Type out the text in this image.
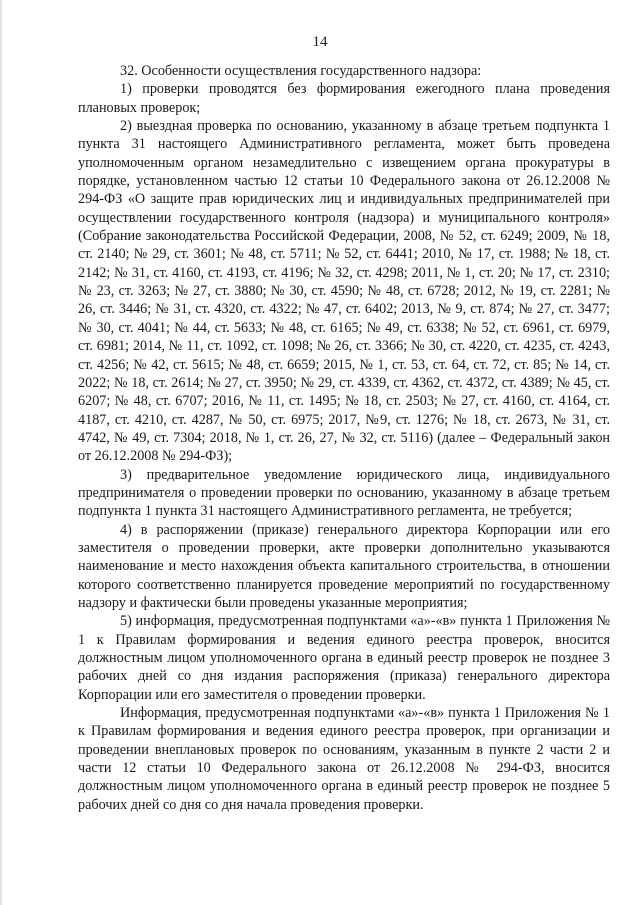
14

32. Особенности осуществления государственного надзора:

1) проверки проводятся без формирования ежегодного плана проведения плановых проверок;

2) выездная проверка по основанию, указанному в абзаце третьем подпункта 1 пункта 31 настоящего Административного регламента, может быть проведена уполномоченным органом незамедлительно с извещением органа прокуратуры в порядке, установленном частью 12 статьи 10 Федерального закона от 26.12.2008 № 294-ФЗ «О защите прав юридических лиц и индивидуальных предпринимателей при осуществлении государственного контроля (надзора) и муниципального контроля» (Собрание законодательства Российской Федерации, 2008, № 52, ст. 6249; 2009, № 18, ст. 2140; № 29, ст. 3601; № 48, ст. 5711; № 52, ст. 6441; 2010, № 17, ст. 1988; № 18, ст. 2142; № 31, ст. 4160, ст. 4193, ст. 4196; № 32, ст. 4298; 2011, № 1, ст. 20; № 17, ст. 2310; № 23, ст. 3263; № 27, ст. 3880; № 30, ст. 4590; № 48, ст. 6728; 2012, № 19, ст. 2281; № 26, ст. 3446; № 31, ст. 4320, ст. 4322; № 47, ст. 6402; 2013, № 9, ст. 874; № 27, ст. 3477; № 30, ст. 4041; № 44, ст. 5633; № 48, ст. 6165; № 49, ст. 6338; № 52, ст. 6961, ст. 6979, ст. 6981; 2014, № 11, ст. 1092, ст. 1098; № 26, ст. 3366; № 30, ст. 4220, ст. 4235, ст. 4243, ст. 4256; № 42, ст. 5615; № 48, ст. 6659; 2015, № 1, ст. 53, ст. 64, ст. 72, ст. 85; № 14, ст. 2022; № 18, ст. 2614; № 27, ст. 3950; № 29, ст. 4339, ст. 4362, ст. 4372, ст. 4389; № 45, ст. 6207; № 48, ст. 6707; 2016, № 11, ст. 1495; № 18, ст. 2503; № 27, ст. 4160, ст. 4164, ст. 4187, ст. 4210, ст. 4287, № 50, ст. 6975; 2017, №9, ст. 1276; № 18, ст. 2673, № 31, ст. 4742, № 49, ст. 7304; 2018, № 1, ст. 26, 27, № 32, ст. 5116) (далее – Федеральный закон от 26.12.2008 № 294-ФЗ);

3) предварительное уведомление юридического лица, индивидуального предпринимателя о проведении проверки по основанию, указанному в абзаце третьем подпункта 1 пункта 31 настоящего Административного регламента, не требуется;

4) в распоряжении (приказе) генерального директора Корпорации или его заместителя о проведении проверки, акте проверки дополнительно указываются наименование и место нахождения объекта капитального строительства, в отношении которого соответственно планируется проведение мероприятий по государственному надзору и фактически были проведены указанные мероприятия;

5) информация, предусмотренная подпунктами «а»-«в» пункта 1 Приложения № 1 к Правилам формирования и ведения единого реестра проверок, вносится должностным лицом уполномоченного органа в единый реестр проверок не позднее 3 рабочих дней со дня издания распоряжения (приказа) генерального директора Корпорации или его заместителя о проведении проверки.

Информация, предусмотренная подпунктами «а»-«в» пункта 1 Приложения № 1 к Правилам формирования и ведения единого реестра проверок, при организации и проведении внеплановых проверок по основаниям, указанным в пункте 2 части 2 и части 12 статьи 10 Федерального закона от 26.12.2008 № 294-ФЗ, вносится должностным лицом уполномоченного органа в единый реестр проверок не позднее 5 рабочих дней со дня со дня начала проведения проверки.
